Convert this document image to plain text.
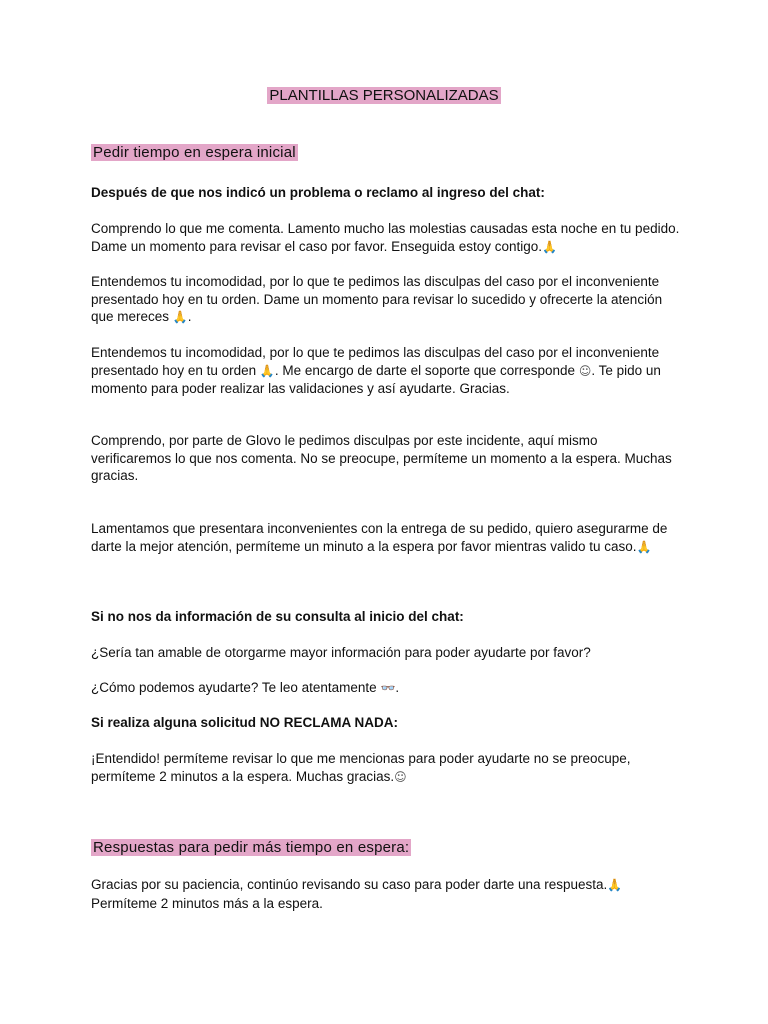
PLANTILLAS PERSONALIZADAS
Pedir tiempo en espera inicial
Después de que nos indicó un problema o reclamo al ingreso del chat:
Comprendo lo que me comenta. Lamento mucho las molestias causadas esta noche en tu pedido. Dame un momento para revisar el caso por favor. Enseguida estoy contigo.🙏
Entendemos tu incomodidad, por lo que te pedimos las disculpas del caso por el inconveniente presentado hoy en tu orden. Dame un momento para revisar lo sucedido y ofrecerte la atención que mereces 🙏.
Entendemos tu incomodidad, por lo que te pedimos las disculpas del caso por el inconveniente presentado hoy en tu orden 🙏. Me encargo de darte el soporte que corresponde ☺. Te pido un momento para poder realizar las validaciones y así ayudarte. Gracias.
Comprendo, por parte de Glovo le pedimos disculpas por este incidente, aquí mismo verificaremos lo que nos comenta. No se preocupe, permíteme un momento a la espera. Muchas gracias.
Lamentamos que presentara inconvenientes con la entrega de su pedido, quiero asegurarme de darte la mejor atención, permíteme un minuto a la espera por favor mientras valido tu caso.🙏
Si no nos da información de su consulta al inicio del chat:
¿Sería tan amable de otorgarme mayor información para poder ayudarte por favor?
¿Cómo podemos ayudarte? Te leo atentamente 👓.
Si realiza alguna solicitud NO RECLAMA NADA:
¡Entendido! permíteme revisar lo que me mencionas para poder ayudarte no se preocupe, permíteme 2 minutos a la espera. Muchas gracias.☺
Respuestas para pedir más tiempo en espera:
Gracias por su paciencia, continúo revisando su caso para poder darte una respuesta.🙏
Permíteme 2 minutos más a la espera.
